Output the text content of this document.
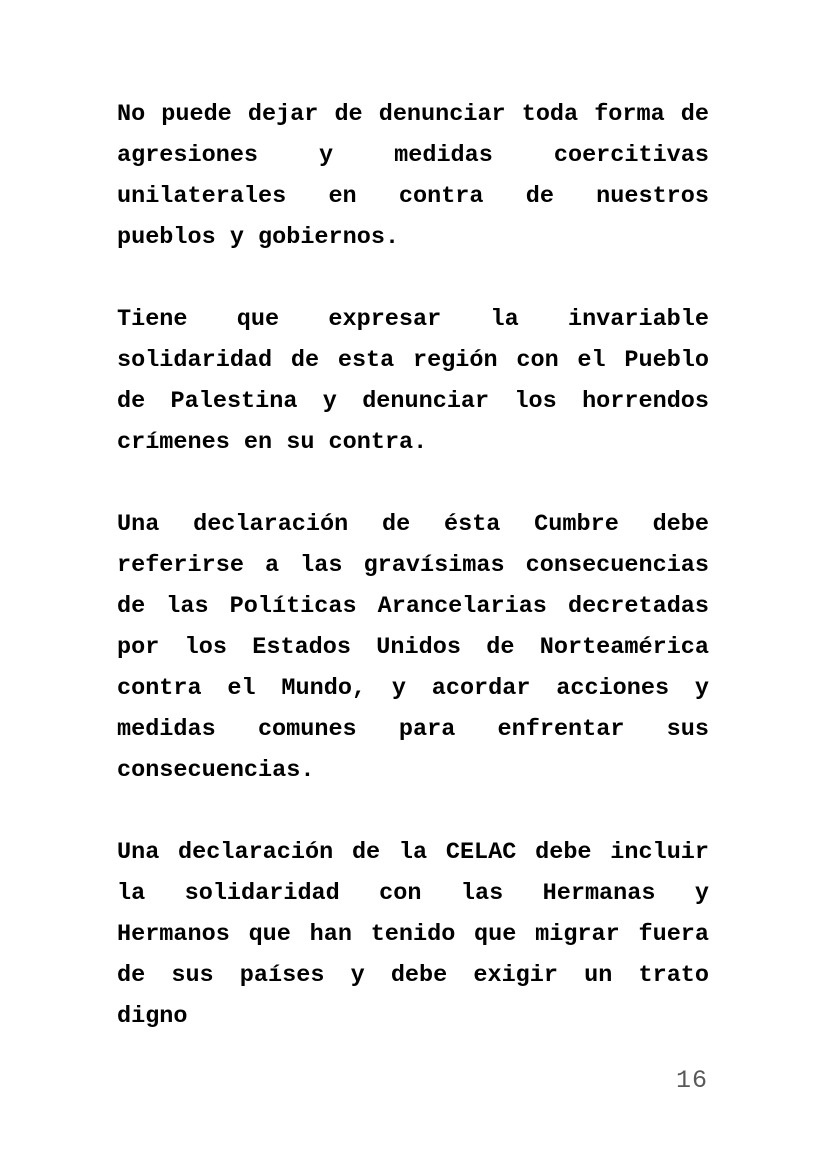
No puede dejar de denunciar toda forma de agresiones y medidas coercitivas unilaterales en contra de nuestros pueblos y gobiernos.

Tiene que expresar la invariable solidaridad de esta región con el Pueblo de Palestina y denunciar los horrendos crímenes en su contra.

Una declaración de ésta Cumbre debe referirse a las gravísimas consecuencias de las Políticas Arancelarias decretadas por los Estados Unidos de Norteamérica contra el Mundo, y acordar acciones y medidas comunes para enfrentar sus consecuencias.

Una declaración de la CELAC debe incluir la solidaridad con las Hermanas y Hermanos que han tenido que migrar fuera de sus países y debe exigir un trato digno

16
